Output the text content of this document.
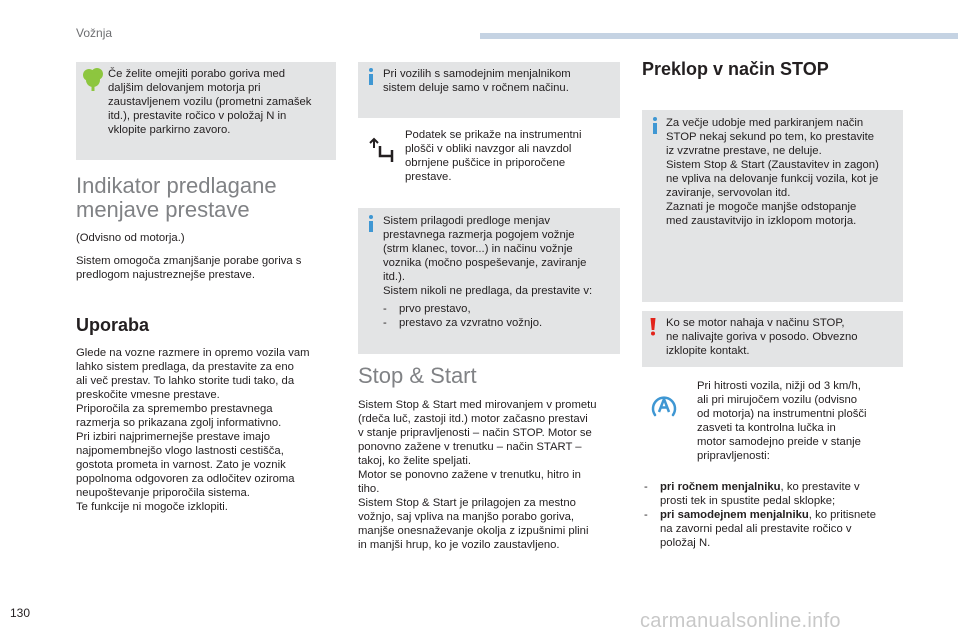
Vožnja
Če želite omejiti porabo goriva med
daljšim delovanjem motorja pri
zaustavljenem vozilu (prometni zamašek
itd.), prestavite ročico v položaj N in
vklopite parkirno zavoro.
Indikator predlagane
menjave prestave
(Odvisno od motorja.)
Sistem omogoča zmanjšanje porabe goriva s
predlogom najustreznejše prestave.
Uporaba
Glede na vozne razmere in opremo vozila vam
lahko sistem predlaga, da prestavite za eno
ali več prestav. To lahko storite tudi tako, da
preskočite vmesne prestave.
Priporočila za spremembo prestavnega
razmerja so prikazana zgolj informativno.
Pri izbiri najprimernejše prestave imajo
najpomembnejšo vlogo lastnosti cestišča,
gostota prometa in varnost. Zato je voznik
popolnoma odgovoren za odločitev oziroma
neupoštevanje priporočila sistema.
Te funkcije ni mogoče izklopiti.
Pri vozilih s samodejnim menjalnikom
sistem deluje samo v ročnem načinu.
Podatek se prikaže na instrumentni
plošči v obliki navzgor ali navzdol
obrnjene puščice in priporočene
prestave.
Sistem prilagodi predloge menjav
prestavnega razmerja pogojem vožnje
(strm klanec, tovor...) in načinu vožnje
voznika (močno pospeševanje, zaviranje
itd.).
Sistem nikoli ne predlaga, da prestavite v:
- prvo prestavo,
- prestavo za vzvratno vožnjo.
Stop & Start
Sistem Stop & Start med mirovanjem v prometu
(rdeča luč, zastoji itd.) motor začasno prestavi
v stanje pripravljenosti – način STOP. Motor se
ponovno zažene v trenutku – način START –
takoj, ko želite speljati.
Motor se ponovno zažene v trenutku, hitro in
tiho.
Sistem Stop & Start je prilagojen za mestno
vožnjo, saj vpliva na manjšo porabo goriva,
manjše onesnaževanje okolja z izpušnimi plini
in manjši hrup, ko je vozilo zaustavljeno.
Preklop v način STOP
Za večje udobje med parkiranjem način
STOP nekaj sekund po tem, ko prestavite
iz vzvratne prestave, ne deluje.
Sistem Stop & Start (Zaustavitev in zagon)
ne vpliva na delovanje funkcij vozila, kot je
zaviranje, servovolan itd.
Zaznati je mogoče manjše odstopanje
med zaustavitvijo in izklopom motorja.
Ko se motor nahaja v načinu STOP,
ne nalivajte goriva v posodo. Obvezno
izklopite kontakt.
Pri hitrosti vozila, nižji od 3 km/h,
ali pri mirujočem vozilu (odvisno
od motorja) na instrumentni plošči
zasveti ta kontrolna lučka in
motor samodejno preide v stanje
pripravljenosti:
- pri ročnem menjalniku, ko prestavite v
prosti tek in spustite pedal sklopke;
- pri samodejnem menjalniku, ko pritisnete
na zavorni pedal ali prestavite ročico v
položaj N.
130	carmanualsonline.info
